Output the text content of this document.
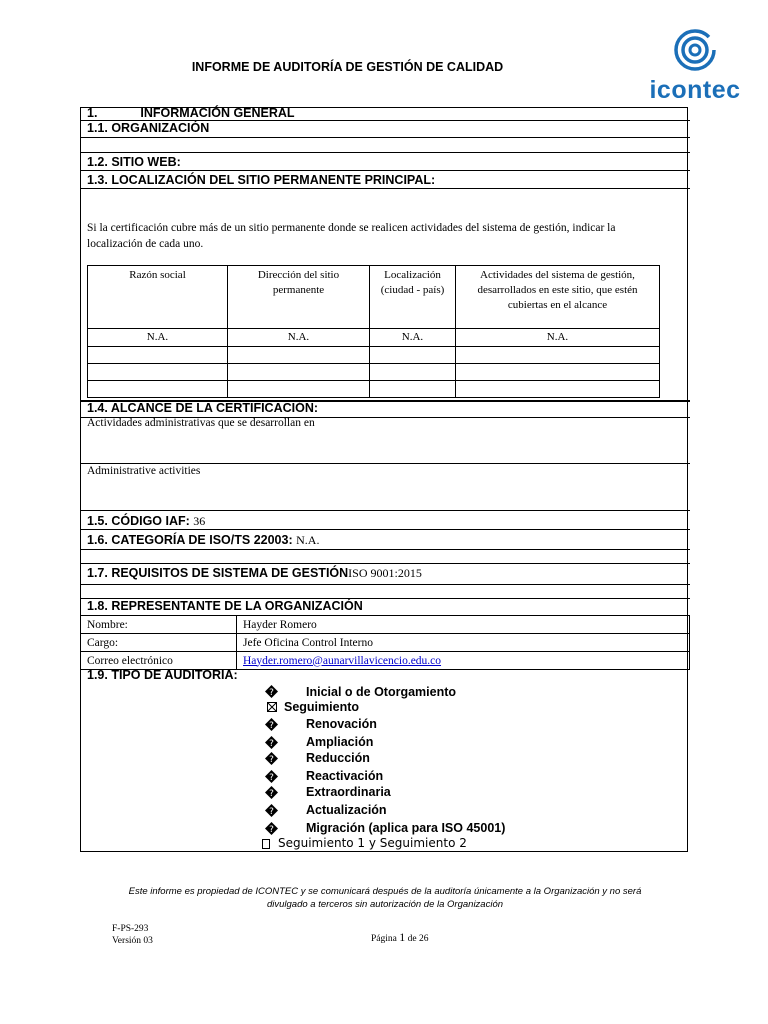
INFORME DE AUDITORÍA DE GESTIÓN DE CALIDAD
icontec
1.	INFORMACIÓN GENERAL
1.1. ORGANIZACIÓN
1.2. SITIO WEB:
1.3. LOCALIZACIÓN DEL SITIO PERMANENTE PRINCIPAL:
Si la certificación cubre más de un sitio permanente donde se realicen actividades del sistema de gestión, indicar la localización de cada uno.
Razón social	Dirección del sitio permanente	Localización (ciudad - país)	Actividades del sistema de gestión, desarrollados en este sitio, que estén cubiertas en el alcance
N.A.	N.A.	N.A.	N.A.

1.4. ALCANCE DE LA CERTIFICACIÓN:
Actividades administrativas que se desarrollan en
Administrative activities
1.5. CÓDIGO IAF: 36
1.6. CATEGORÍA DE ISO/TS 22003: N.A.
1.7. REQUISITOS DE SISTEMA DE GESTIÓNISO 9001:2015
1.8. REPRESENTANTE DE LA ORGANIZACIÓN
Nombre:	Hayder Romero
Cargo:	Jefe Oficina Control Interno
Correo electrónico	Hayder.romero@aunarvillavicencio.edu.co
1.9. TIPO DE AUDITORIA:
?	Inicial o de Otorgamiento
Seguimiento
?	Renovación
?	Ampliación
?	Reducción
?	Reactivación
?	Extraordinaria
?	Actualización
?	Migración (aplica para ISO 45001)
Seguimiento 1 y Seguimiento 2
Este informe es propiedad de ICONTEC y se comunicará después de la auditoría únicamente a la Organización y no será
divulgado a terceros sin autorización de la Organización
F-PS-293
Versión 03	Página 1 de 26
